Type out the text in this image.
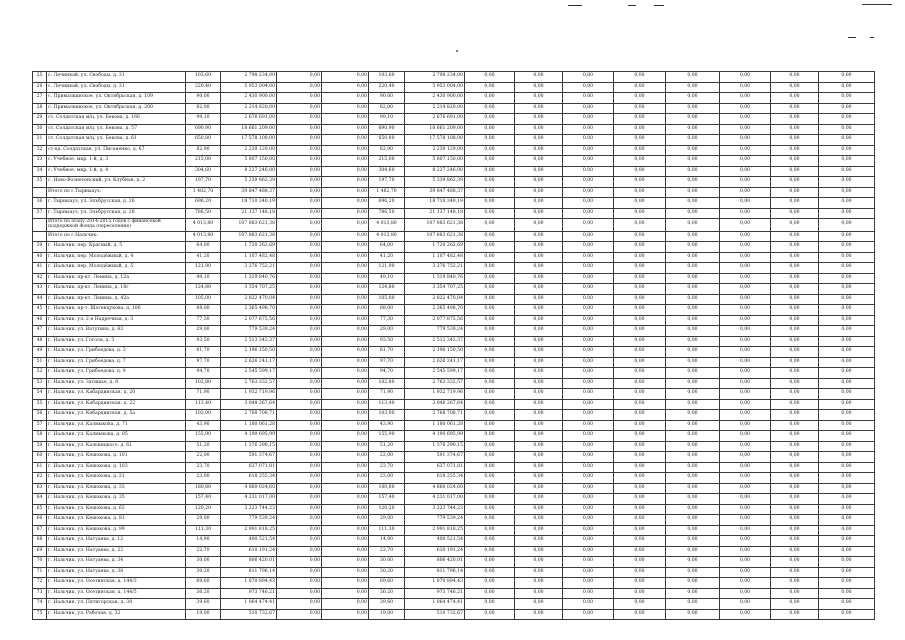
25	с. Лечинкай, ул. Свободы, д. 31	103,60	2 798 234,00	0,00	0,00	103,60	2 798 234,00	0,00	0,00	0,00	0,00	0,00	0,00	0,00	0,00
26	с. Лечинкай, ул. Свободы, д. 31	220,40	5 953 004,00	0,00	0,00	220,40	5 953 004,00	0,00	0,00	0,00	0,00	0,00	0,00	0,00	0,00
27	с. Прималкинское, ул. Октябрьская, д. 109	90,00	2 430 900,00	0,00	0,00	90,00	2 430 900,00	0,00	0,00	0,00	0,00	0,00	0,00	0,00	0,00
28	с. Прималкинское, ул. Октябрьская, д. 200	82,00	2 214 820,00	0,00	0,00	82,00	2 214 820,00	0,00	0,00	0,00	0,00	0,00	0,00	0,00	0,00
29	ст. Солдатская м/ц, ул. Бекова, д. 166	99,10	2 676 691,00	0,00	0,00	99,10	2 676 691,00	0,00	0,00	0,00	0,00	0,00	0,00	0,00	0,00
30	ст. Солдатская м/ц, ул. Бекова, д. 57	690,90	18 661 209,00	0,00	0,00	690,90	18 661 209,00	0,00	0,00	0,00	0,00	0,00	0,00	0,00	0,00
31	ст. Солдатская м/ц, ул. Бекова, д. 61	650,80	17 578 108,00	0,00	0,00	650,80	17 578 108,00	0,00	0,00	0,00	0,00	0,00	0,00	0,00	0,00
32	ст-ца. Солдатская, ул. Писаненко, д. 67	82,90	2 239 129,00	0,00	0,00	82,90	2 239 129,00	0,00	0,00	0,00	0,00	0,00	0,00	0,00	0,00
33	с. Учебное, мкр. 1-й, д. 3	215,00	5 807 150,00	0,00	0,00	215,00	5 807 150,00	0,00	0,00	0,00	0,00	0,00	0,00	0,00	0,00
34	с. Учебное, мкр. 1-й, д. 4	304,60	8 227 246,00	0,00	0,00	304,60	8 227 246,00	0,00	0,00	0,00	0,00	0,00	0,00	0,00	0,00
35	с. Ново-Вознесенский, ул. Клубная, д. 2	197,70	5 339 862,39	0,00	0,00	197,70	5 339 862,39	0,00	0,00	0,00	0,00	0,00	0,00	0,00	0,00
	Итого по г.Тырныауз:	1 482,70	39 847 488,37	0,00	0,00	1 482,70	39 847 488,37	0,00	0,00	0,00	0,00	0,00	0,00	0,00	0,00
36	г. Тырныауз, ул. Эльбрусская, д. 26	696,20	18 710 340,19	0,00	0,00	696,20	18 710 340,19	0,00	0,00	0,00	0,00	0,00	0,00	0,00	0,00
37	г. Тырныауз, ул. Эльбрусская, д. 28	786,50	21 137 148,18	0,00	0,00	786,50	21 137 148,18	0,00	0,00	0,00	0,00	0,00	0,00	0,00	0,00
	Итого по этапу 2014-2015 годов с финансовой поддержкой Фонда (переселение)	4 013,80	107 883 621,38	0,00	0,00	4 013,80	107 883 621,38	0,00	0,00	0,00	0,00	0,00	0,00	0,00	0,00
	Итого по г.Нальчик:	4 013,80	107 883 621,38	0,00	0,00	4 013,80	107 883 621,38	0,00	0,00	0,00	0,00	0,00	0,00	0,00	0,00
39	г. Нальчик, пер. Красный, д. 5	64,00	1 720 262,69	0,00	0,00	64,00	1 720 262,69	0,00	0,00	0,00	0,00	0,00	0,00	0,00	0,00
40	г. Нальчик, пер. Молодёжный, д. 4	41,20	1 107 482,48	0,00	0,00	41,20	1 107 482,48	0,00	0,00	0,00	0,00	0,00	0,00	0,00	0,00
41	г. Нальчик, пер. Молодёжный, д. 5	121,90	3 276 752,21	0,00	0,00	121,90	3 276 752,21	0,00	0,00	0,00	0,00	0,00	0,00	0,00	0,00
42	г. Нальчик, пр-кт. Ленина, д. 12а	49,10	1 319 840,76	0,00	0,00	49,10	1 319 840,76	0,00	0,00	0,00	0,00	0,00	0,00	0,00	0,00
43	г. Нальчик, пр-кт. Ленина, д. 18г	124,80	3 354 707,25	0,00	0,00	124,80	3 354 707,25	0,00	0,00	0,00	0,00	0,00	0,00	0,00	0,00
44	г. Нальчик, пр-кт. Ленина, д. 42а	105,00	2 822 470,04	0,00	0,00	105,00	2 822 470,04	0,00	0,00	0,00	0,00	0,00	0,00	0,00	0,00
45	г. Нальчик, пр-т. Шогенцукова, д. 106	88,00	2 365 498,70	0,00	0,00	88,00	2 365 498,70	0,00	0,00	0,00	0,00	0,00	0,00	0,00	0,00
46	г. Нальчик, ул. 2-я Надречная, д. 3	77,30	2 077 875,56	0,00	0,00	77,30	2 077 875,56	0,00	0,00	0,00	0,00	0,00	0,00	0,00	0,00
47	г. Нальчик, ул. Ватутина, д. 63	29,00	779 539,24	0,00	0,00	29,00	779 539,24	0,00	0,00	0,00	0,00	0,00	0,00	0,00	0,00
48	г. Нальчик, ул. Гоголя, д. 3	93,50	2 513 342,37	0,00	0,00	93,50	2 513 342,37	0,00	0,00	0,00	0,00	0,00	0,00	0,00	0,00
49	г. Нальчик, ул. Грибоедова, д. 3	81,70	2 196 150,50	0,00	0,00	81,70	2 196 150,50	0,00	0,00	0,00	0,00	0,00	0,00	0,00	0,00
51	г. Нальчик, ул. Грибоедова, д. 7	97,70	2 626 241,17	0,00	0,00	97,70	2 626 241,17	0,00	0,00	0,00	0,00	0,00	0,00	0,00	0,00
52	г. Нальчик, ул. Грибоедова, д. 9	94,70	2 545 599,17	0,00	0,00	94,70	2 545 599,17	0,00	0,00	0,00	0,00	0,00	0,00	0,00	0,00
53	г. Нальчик, ул. Затишье, д. 8	102,80	2 763 332,57	0,00	0,00	102,80	2 763 332,57	0,00	0,00	0,00	0,00	0,00	0,00	0,00	0,00
54	г. Нальчик, ул. Кабардинская, д. 20	71,90	1 932 719,96	0,00	0,00	71,90	1 932 719,96	0,00	0,00	0,00	0,00	0,00	0,00	0,00	0,00
55	г. Нальчик, ул. Кабардинская, д. 22	113,40	3 048 267,64	0,00	0,00	113,40	3 048 267,64	0,00	0,00	0,00	0,00	0,00	0,00	0,00	0,00
56	г. Нальчик, ул. Кабардинская, д. 5а	103,00	2 768 708,71	0,00	0,00	103,00	2 768 708,71	0,00	0,00	0,00	0,00	0,00	0,00	0,00	0,00
57	г. Нальчик, ул. Калмыкова, д. 71	43,90	1 180 061,28	0,00	0,00	43,90	1 180 061,28	0,00	0,00	0,00	0,00	0,00	0,00	0,00	0,00
58	г. Нальчик, ул. Калмыкова, д. 85	155,90	4 190 695,99	0,00	0,00	155,90	4 190 695,99	0,00	0,00	0,00	0,00	0,00	0,00	0,00	0,00
59	г. Нальчик, ул. Кальницкого, д. 61	51,20	1 376 290,15	0,00	0,00	51,20	1 376 290,15	0,00	0,00	0,00	0,00	0,00	0,00	0,00	0,00
60	г. Нальчик, ул. Кешокова, д. 101	22,00	591 374,67	0,00	0,00	22,00	591 374,67	0,00	0,00	0,00	0,00	0,00	0,00	0,00	0,00
61	г. Нальчик, ул. Кешокова, д. 103	23,70	637 071,81	0,00	0,00	23,70	637 071,81	0,00	0,00	0,00	0,00	0,00	0,00	0,00	0,00
62	г. Нальчик, ул. Кешокова, д. 21	23,00	618 255,34	0,00	0,00	23,00	618 255,34	0,00	0,00	0,00	0,00	0,00	0,00	0,00	0,00
63	г. Нальчик, ул. Кешокова, д. 33	180,80	4 860 024,60	0,00	0,00	180,80	4 860 024,60	0,00	0,00	0,00	0,00	0,00	0,00	0,00	0,00
64	г. Нальчик, ул. Кешокова, д. 35	157,40	4 231 017,00	0,00	0,00	157,40	4 231 017,00	0,00	0,00	0,00	0,00	0,00	0,00	0,00	0,00
65	г. Нальчик, ул. Кешокова, д. 63	120,20	3 223 744,23	0,00	0,00	120,20	3 223 744,23	0,00	0,00	0,00	0,00	0,00	0,00	0,00	0,00
66	г. Нальчик, ул. Кешокова, д. 81	29,00	779 539,24	0,00	0,00	29,00	779 539,24	0,00	0,00	0,00	0,00	0,00	0,00	0,00	0,00
67	г. Нальчик, ул. Кешокова, д. 99	111,30	2 991 818,25	0,00	0,00	111,30	2 991 818,25	0,00	0,00	0,00	0,00	0,00	0,00	0,00	0,00
68	г. Нальчик, ул. Натуаева, д. 12	14,90	400 521,54	0,00	0,00	14,90	400 521,54	0,00	0,00	0,00	0,00	0,00	0,00	0,00	0,00
69	г. Нальчик, ул. Натуаева, д. 22	22,70	610 191,24	0,00	0,00	22,70	610 191,24	0,00	0,00	0,00	0,00	0,00	0,00	0,00	0,00
70	г. Нальчик, ул. Натуаева, д. 34	30,00	806 420,01	0,00	0,00	30,00	806 420,01	0,00	0,00	0,00	0,00	0,00	0,00	0,00	0,00
71	г. Нальчик, ул. Натуаева, д. 38	30,20	811 796,14	0,00	0,00	30,20	811 796,14	0,00	0,00	0,00	0,00	0,00	0,00	0,00	0,00
72	г. Нальчик, ул. Осетинская, д. 144/3	69,60	1 870 894,43	0,00	0,00	69,60	1 870 894,43	0,00	0,00	0,00	0,00	0,00	0,00	0,00	0,00
73	г. Нальчик, ул. Осетинская, д. 144/5	36,20	973 746,21	0,00	0,00	36,20	973 746,21	0,00	0,00	0,00	0,00	0,00	0,00	0,00	0,00
74	г. Нальчик, ул. Пятигорская, д. 38	39,60	1 064 474,41	0,00	0,00	39,60	1 064 474,41	0,00	0,00	0,00	0,00	0,00	0,00	0,00	0,00
75	г. Нальчик, ул. Рабочая, д. 32	19,00	510 732,67	0,00	0,00	19,00	510 732,67	0,00	0,00	0,00	0,00	0,00	0,00	0,00	0,00
